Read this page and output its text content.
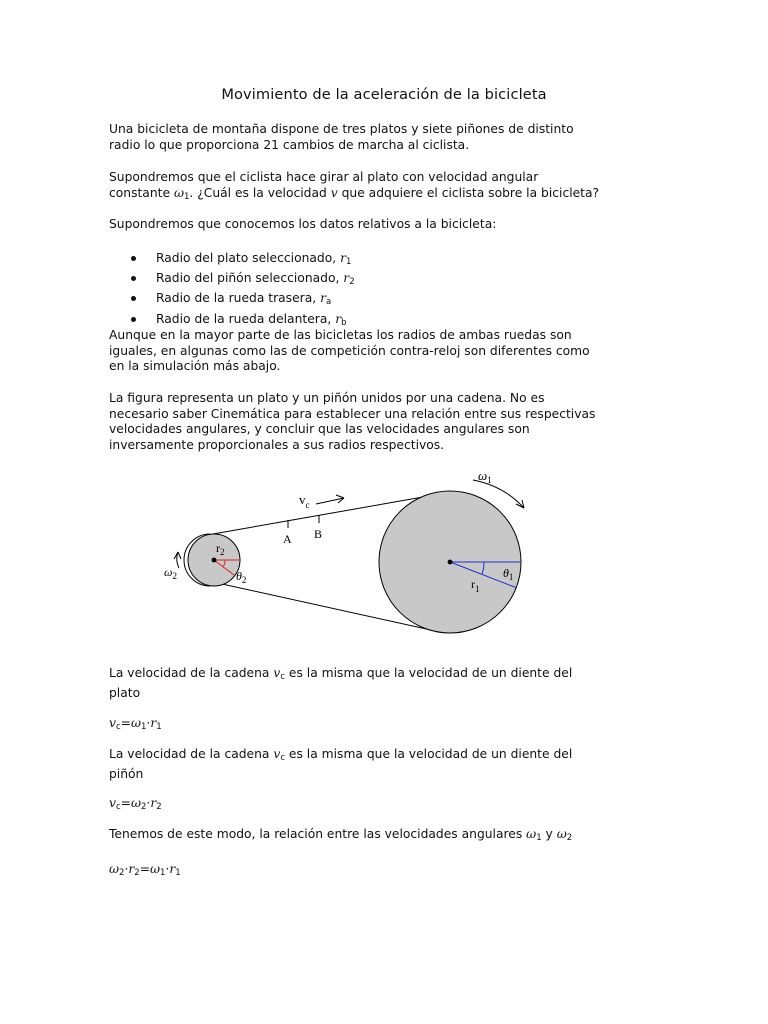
Movimiento de la aceleración de la bicicleta

Una bicicleta de montaña dispone de tres platos y siete piñones de distinto
radio lo que proporciona 21 cambios de marcha al ciclista.

Supondremos que el ciclista hace girar al plato con velocidad angular
constante $\omega_1$. ¿Cuál es la velocidad v que adquiere el ciclista sobre la bicicleta?

Supondremos que conocemos los datos relativos a la bicicleta:

Radio del plato seleccionado, $r_1$
Radio del piñón seleccionado, $r_2$
Radio de la rueda trasera, $r_a$
Radio de la rueda delantera, $r_b$

Aunque en la mayor parte de las bicicletas los radios de ambas ruedas son
iguales, en algunas como las de competición contra-reloj son diferentes como
en la simulación más abajo.

La figura representa un plato y un piñón unidos por una cadena. No es
necesario saber Cinemática para establecer una relación entre sus respectivas
velocidades angulares, y concluir que las velocidades angulares son
inversamente proporcionales a sus radios respectivos.

$\omega_1$
$v_c$
A B
$r_2$
$\theta_2$
$\omega_2$	$\theta_1$
$r_1$

La velocidad de la cadena $v_c$ es la misma que la velocidad de un diente del
plato

$v_c=\omega_1\cdot r_1$

La velocidad de la cadena $v_c$ es la misma que la velocidad de un diente del
piñón

$v_c=\omega_2\cdot r_2$

Tenemos de este modo, la relación entre las velocidades angulares $\omega_1$ y $\omega_2$

$\omega_2\cdot r_2=\omega_1\cdot r_1$
